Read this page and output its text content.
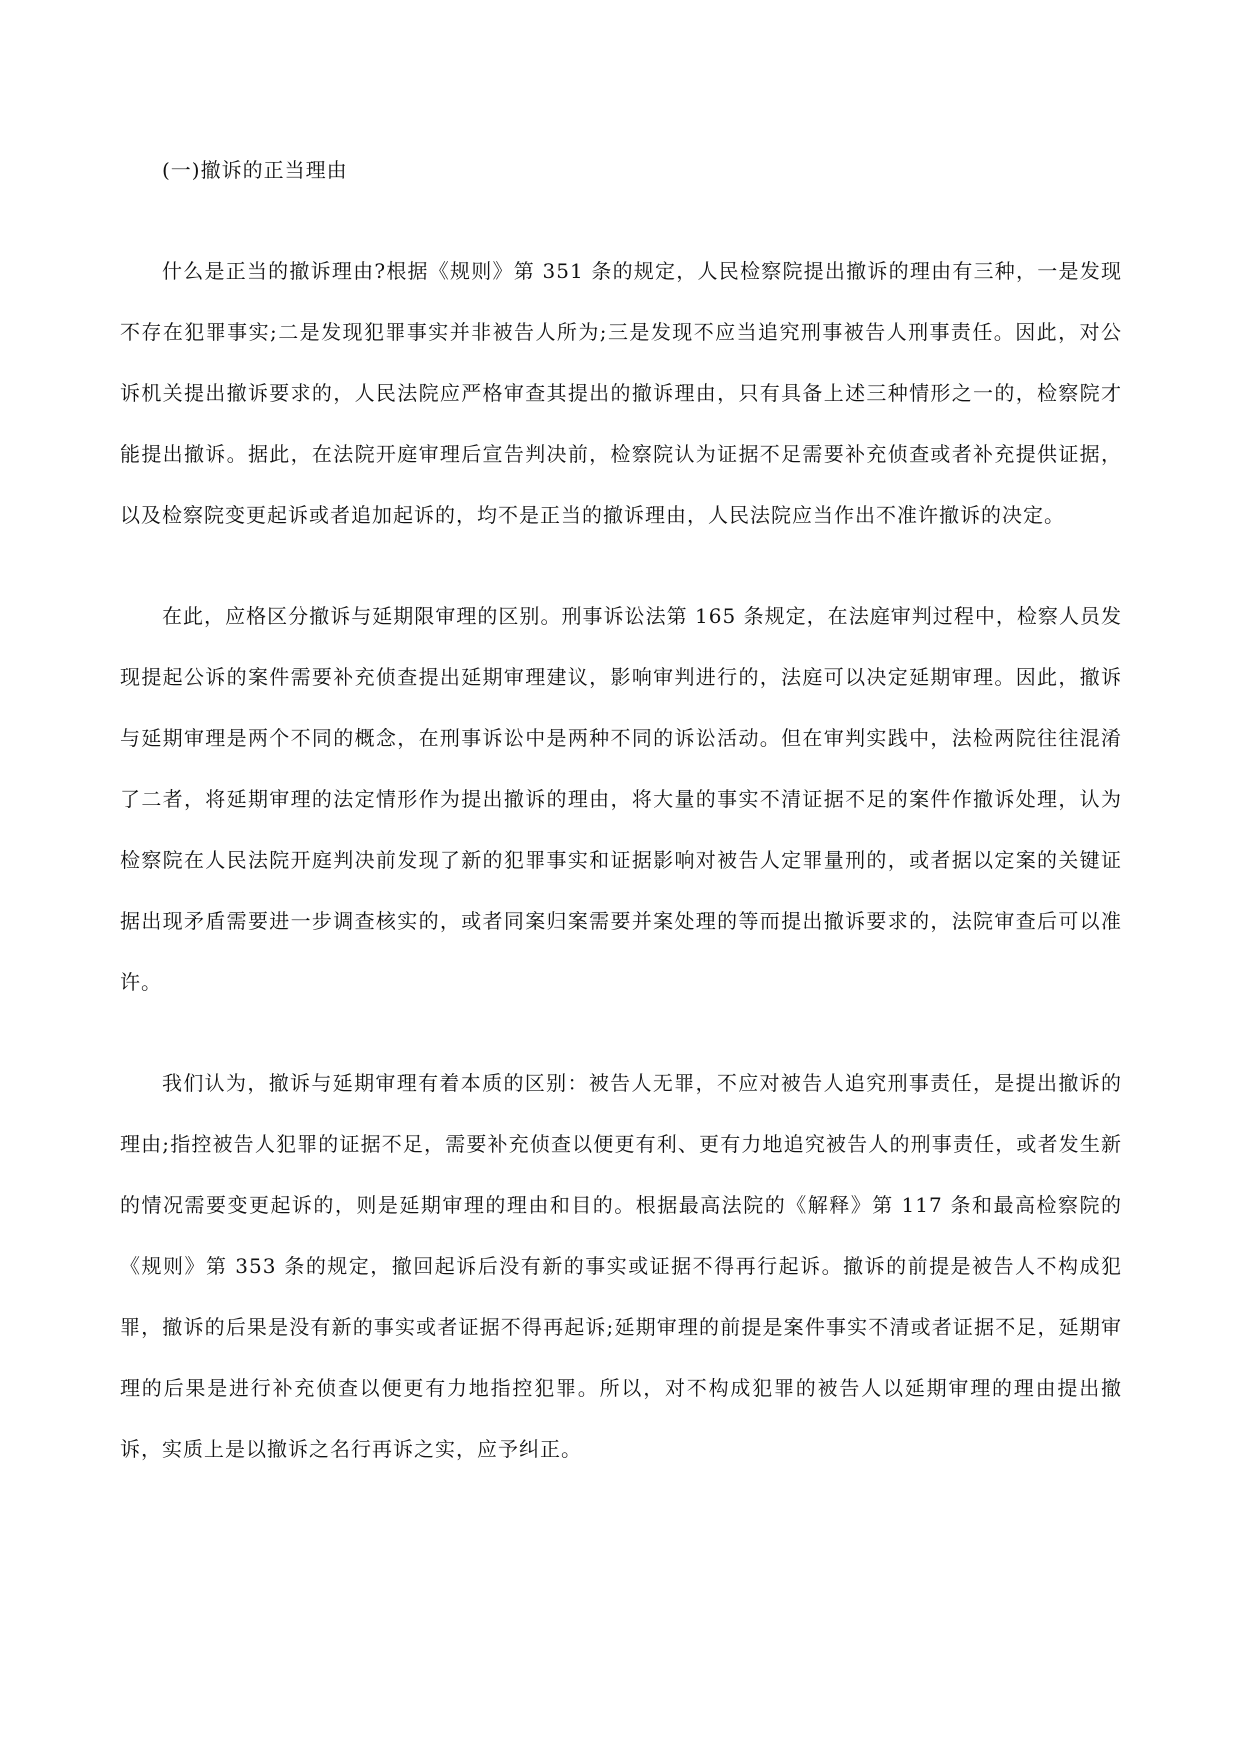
(一)撤诉的正当理由

什么是正当的撤诉理由?根据《规则》第 351 条的规定，人民检察院提出撤诉的理由有三种，一是发现不存在犯罪事实;二是发现犯罪事实并非被告人所为;三是发现不应当追究刑事被告人刑事责任。因此，对公诉机关提出撤诉要求的，人民法院应严格审查其提出的撤诉理由，只有具备上述三种情形之一的，检察院才能提出撤诉。据此，在法院开庭审理后宣告判决前，检察院认为证据不足需要补充侦查或者补充提供证据，以及检察院变更起诉或者追加起诉的，均不是正当的撤诉理由，人民法院应当作出不准许撤诉的决定。

在此，应格区分撤诉与延期限审理的区别。刑事诉讼法第 165 条规定，在法庭审判过程中，检察人员发现提起公诉的案件需要补充侦查提出延期审理建议，影响审判进行的，法庭可以决定延期审理。因此，撤诉与延期审理是两个不同的概念，在刑事诉讼中是两种不同的诉讼活动。但在审判实践中，法检两院往往混淆了二者，将延期审理的法定情形作为提出撤诉的理由，将大量的事实不清证据不足的案件作撤诉处理，认为检察院在人民法院开庭判决前发现了新的犯罪事实和证据影响对被告人定罪量刑的，或者据以定案的关键证据出现矛盾需要进一步调查核实的，或者同案归案需要并案处理的等而提出撤诉要求的，法院审查后可以准许。

我们认为，撤诉与延期审理有着本质的区别：被告人无罪，不应对被告人追究刑事责任，是提出撤诉的理由;指控被告人犯罪的证据不足，需要补充侦查以便更有利、更有力地追究被告人的刑事责任，或者发生新的情况需要变更起诉的，则是延期审理的理由和目的。根据最高法院的《解释》第 117 条和最高检察院的《规则》第 353 条的规定，撤回起诉后没有新的事实或证据不得再行起诉。撤诉的前提是被告人不构成犯罪，撤诉的后果是没有新的事实或者证据不得再起诉;延期审理的前提是案件事实不清或者证据不足，延期审理的后果是进行补充侦查以便更有力地指控犯罪。所以，对不构成犯罪的被告人以延期审理的理由提出撤诉，实质上是以撤诉之名行再诉之实，应予纠正。
